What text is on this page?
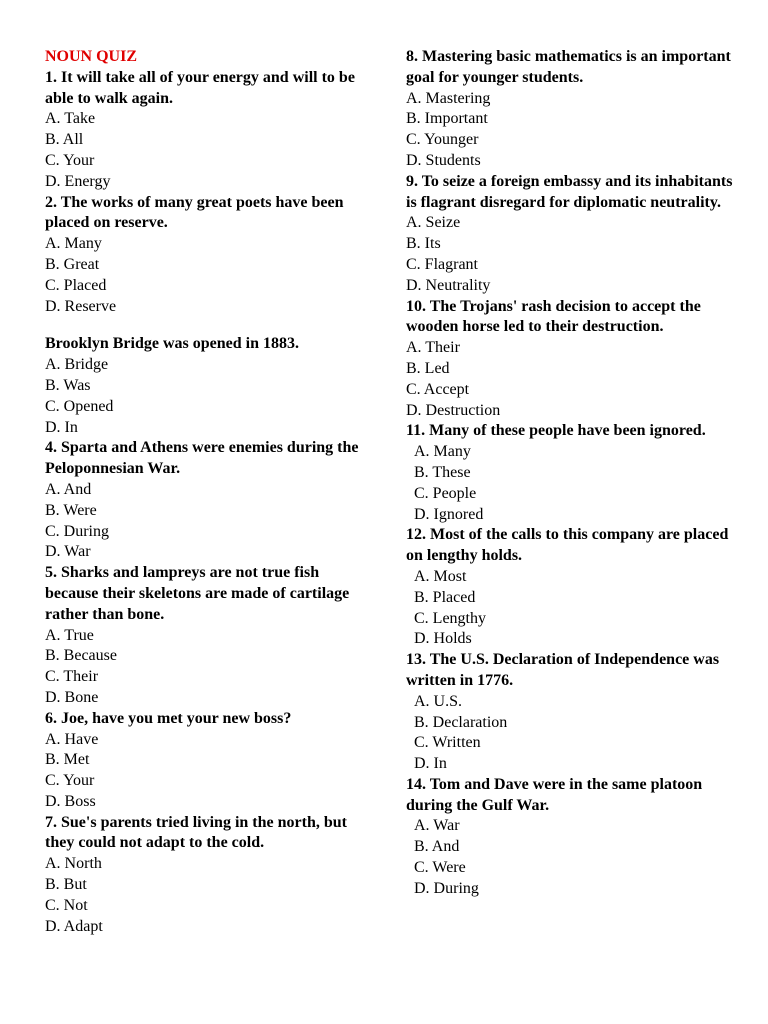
NOUN QUIZ
1. It will take all of your energy and will to be able to walk again.
A. Take
B. All
C. Your
D. Energy
2. The works of many great poets have been placed on reserve.
A. Many
B. Great
C. Placed
D. Reserve
Brooklyn Bridge was opened in 1883.
A. Bridge
B. Was
C. Opened
D. In
4. Sparta and Athens were enemies during the Peloponnesian War.
A. And
B. Were
C. During
D. War
5. Sharks and lampreys are not true fish because their skeletons are made of cartilage rather than bone.
A. True
B. Because
C. Their
D. Bone
6. Joe, have you met your new boss?
A. Have
B. Met
C. Your
D. Boss
7. Sue's parents tried living in the north, but they could not adapt to the cold.
A. North
B. But
C. Not
D. Adapt
8. Mastering basic mathematics is an important goal for younger students.
A. Mastering
B. Important
C. Younger
D. Students
9. To seize a foreign embassy and its inhabitants is flagrant disregard for diplomatic neutrality.
A. Seize
B. Its
C. Flagrant
D. Neutrality
10. The Trojans' rash decision to accept the wooden horse led to their destruction.
A. Their
B. Led
C. Accept
D. Destruction
11. Many of these people have been ignored.
A. Many
B. These
C. People
D. Ignored
12. Most of the calls to this company are placed on lengthy holds.
A. Most
B. Placed
C. Lengthy
D. Holds
13. The U.S. Declaration of Independence was written in 1776.
A. U.S.
B. Declaration
C. Written
D. In
14. Tom and Dave were in the same platoon during the Gulf War.
A. War
B. And
C. Were
D. During
